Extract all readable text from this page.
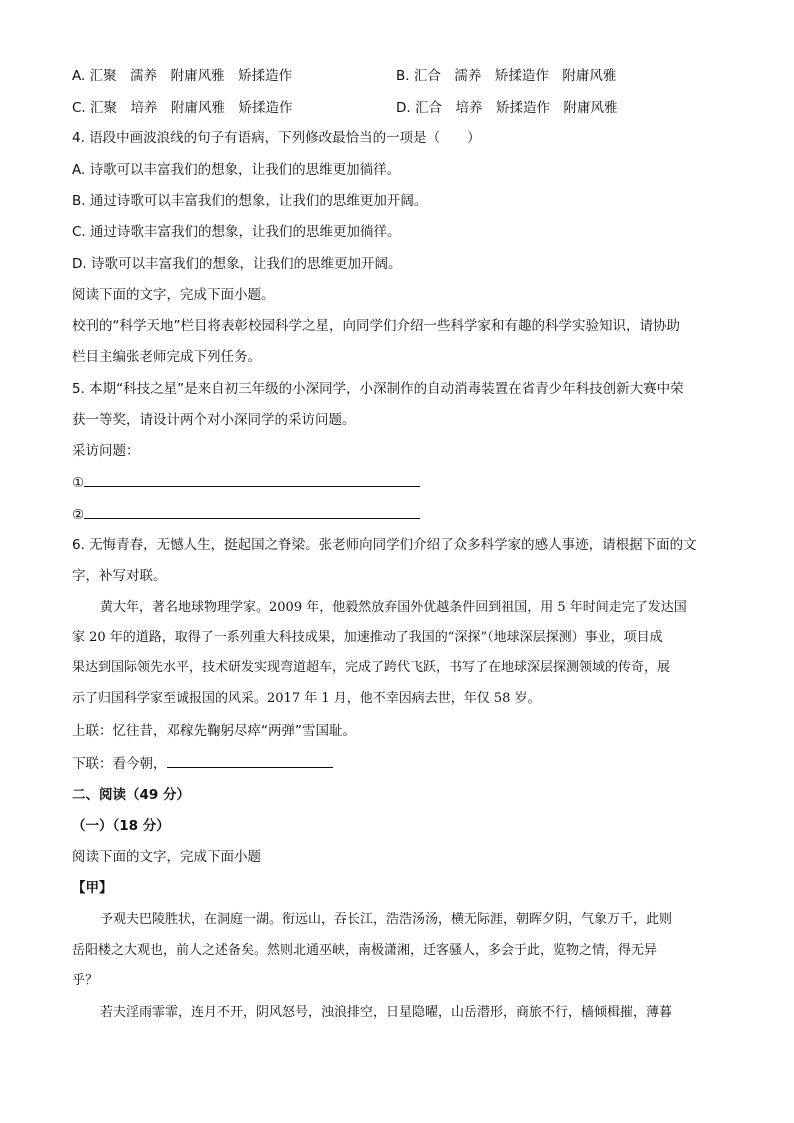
A. 汇聚　濡养　附庸风雅　矫揉造作	B. 汇合　濡养　矫揉造作　附庸风雅
C. 汇聚　培养　附庸风雅　矫揉造作	D. 汇合　培养　矫揉造作　附庸风雅
4. 语段中画波浪线的句子有语病，下列修改最恰当的一项是（　　）
A. 诗歌可以丰富我们的想象，让我们的思维更加徜徉。
B. 通过诗歌可以丰富我们的想象，让我们的思维更加开阔。
C. 通过诗歌丰富我们的想象，让我们的思维更加徜徉。
D. 诗歌可以丰富我们的想象，让我们的思维更加开阔。
阅读下面的文字，完成下面小题。
校刊的“科学天地”栏目将表彰校园科学之星，向同学们介绍一些科学家和有趣的科学实验知识，请协助
栏目主编张老师完成下列任务。
5. 本期“科技之星”是来自初三年级的小深同学，小深制作的自动消毒装置在省青少年科技创新大赛中荣
获一等奖，请设计两个对小深同学的采访问题。
采访问题：
①
②
6. 无悔青春，无憾人生，挺起国之脊梁。张老师向同学们介绍了众多科学家的感人事迹，请根据下面的文
字，补写对联。
黄大年，著名地球物理学家。2009 年，他毅然放弃国外优越条件回到祖国，用 5 年时间走完了发达国
家 20 年的道路，取得了一系列重大科技成果，加速推动了我国的“深探”（地球深层探测）事业，项目成
果达到国际领先水平，技术研发实现弯道超车，完成了跨代飞跃，书写了在地球深层探测领域的传奇，展
示了归国科学家至诚报国的风采。2017 年 1 月，他不幸因病去世，年仅 58 岁。
上联：忆往昔，邓稼先鞠躬尽瘁“两弹”雪国耻。
下联：看今朝，
二、阅读（49 分）
（一）（18 分）
阅读下面的文字，完成下面小题
【甲】
予观夫巴陵胜状，在洞庭一湖。衔远山，吞长江，浩浩汤汤，横无际涯，朝晖夕阴，气象万千，此则
岳阳楼之大观也，前人之述备矣。然则北通巫峡，南极潇湘，迁客骚人，多会于此，览物之情，得无异
乎？
若夫淫雨霏霏，连月不开，阴风怒号，浊浪排空，日星隐曜，山岳潜形，商旅不行，樯倾楫摧，薄暮
